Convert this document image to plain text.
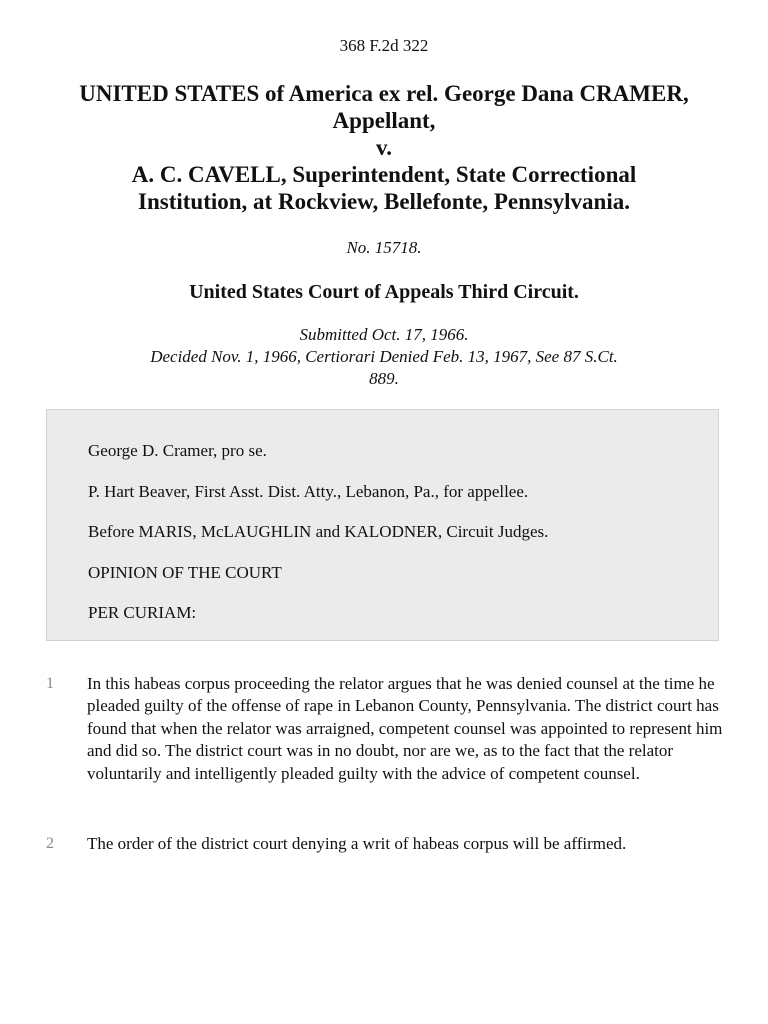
368 F.2d 322
UNITED STATES of America ex rel. George Dana CRAMER,
Appellant,
v.
A. C. CAVELL, Superintendent, State Correctional
Institution, at Rockview, Bellefonte, Pennsylvania.
No. 15718.
United States Court of Appeals Third Circuit.
Submitted Oct. 17, 1966.
Decided Nov. 1, 1966, Certiorari Denied Feb. 13, 1967, See 87 S.Ct. 889.

George D. Cramer, pro se.

P. Hart Beaver, First Asst. Dist. Atty., Lebanon, Pa., for appellee.

Before MARIS, McLAUGHLIN and KALODNER, Circuit Judges.

OPINION OF THE COURT

PER CURIAM:

1 In this habeas corpus proceeding the relator argues that he was denied counsel at the time he pleaded guilty of the offense of rape in Lebanon County, Pennsylvania. The district court has found that when the relator was arraigned, competent counsel was appointed to represent him and did so. The district court was in no doubt, nor are we, as to the fact that the relator voluntarily and intelligently pleaded guilty with the advice of competent counsel.

2 The order of the district court denying a writ of habeas corpus will be affirmed.
